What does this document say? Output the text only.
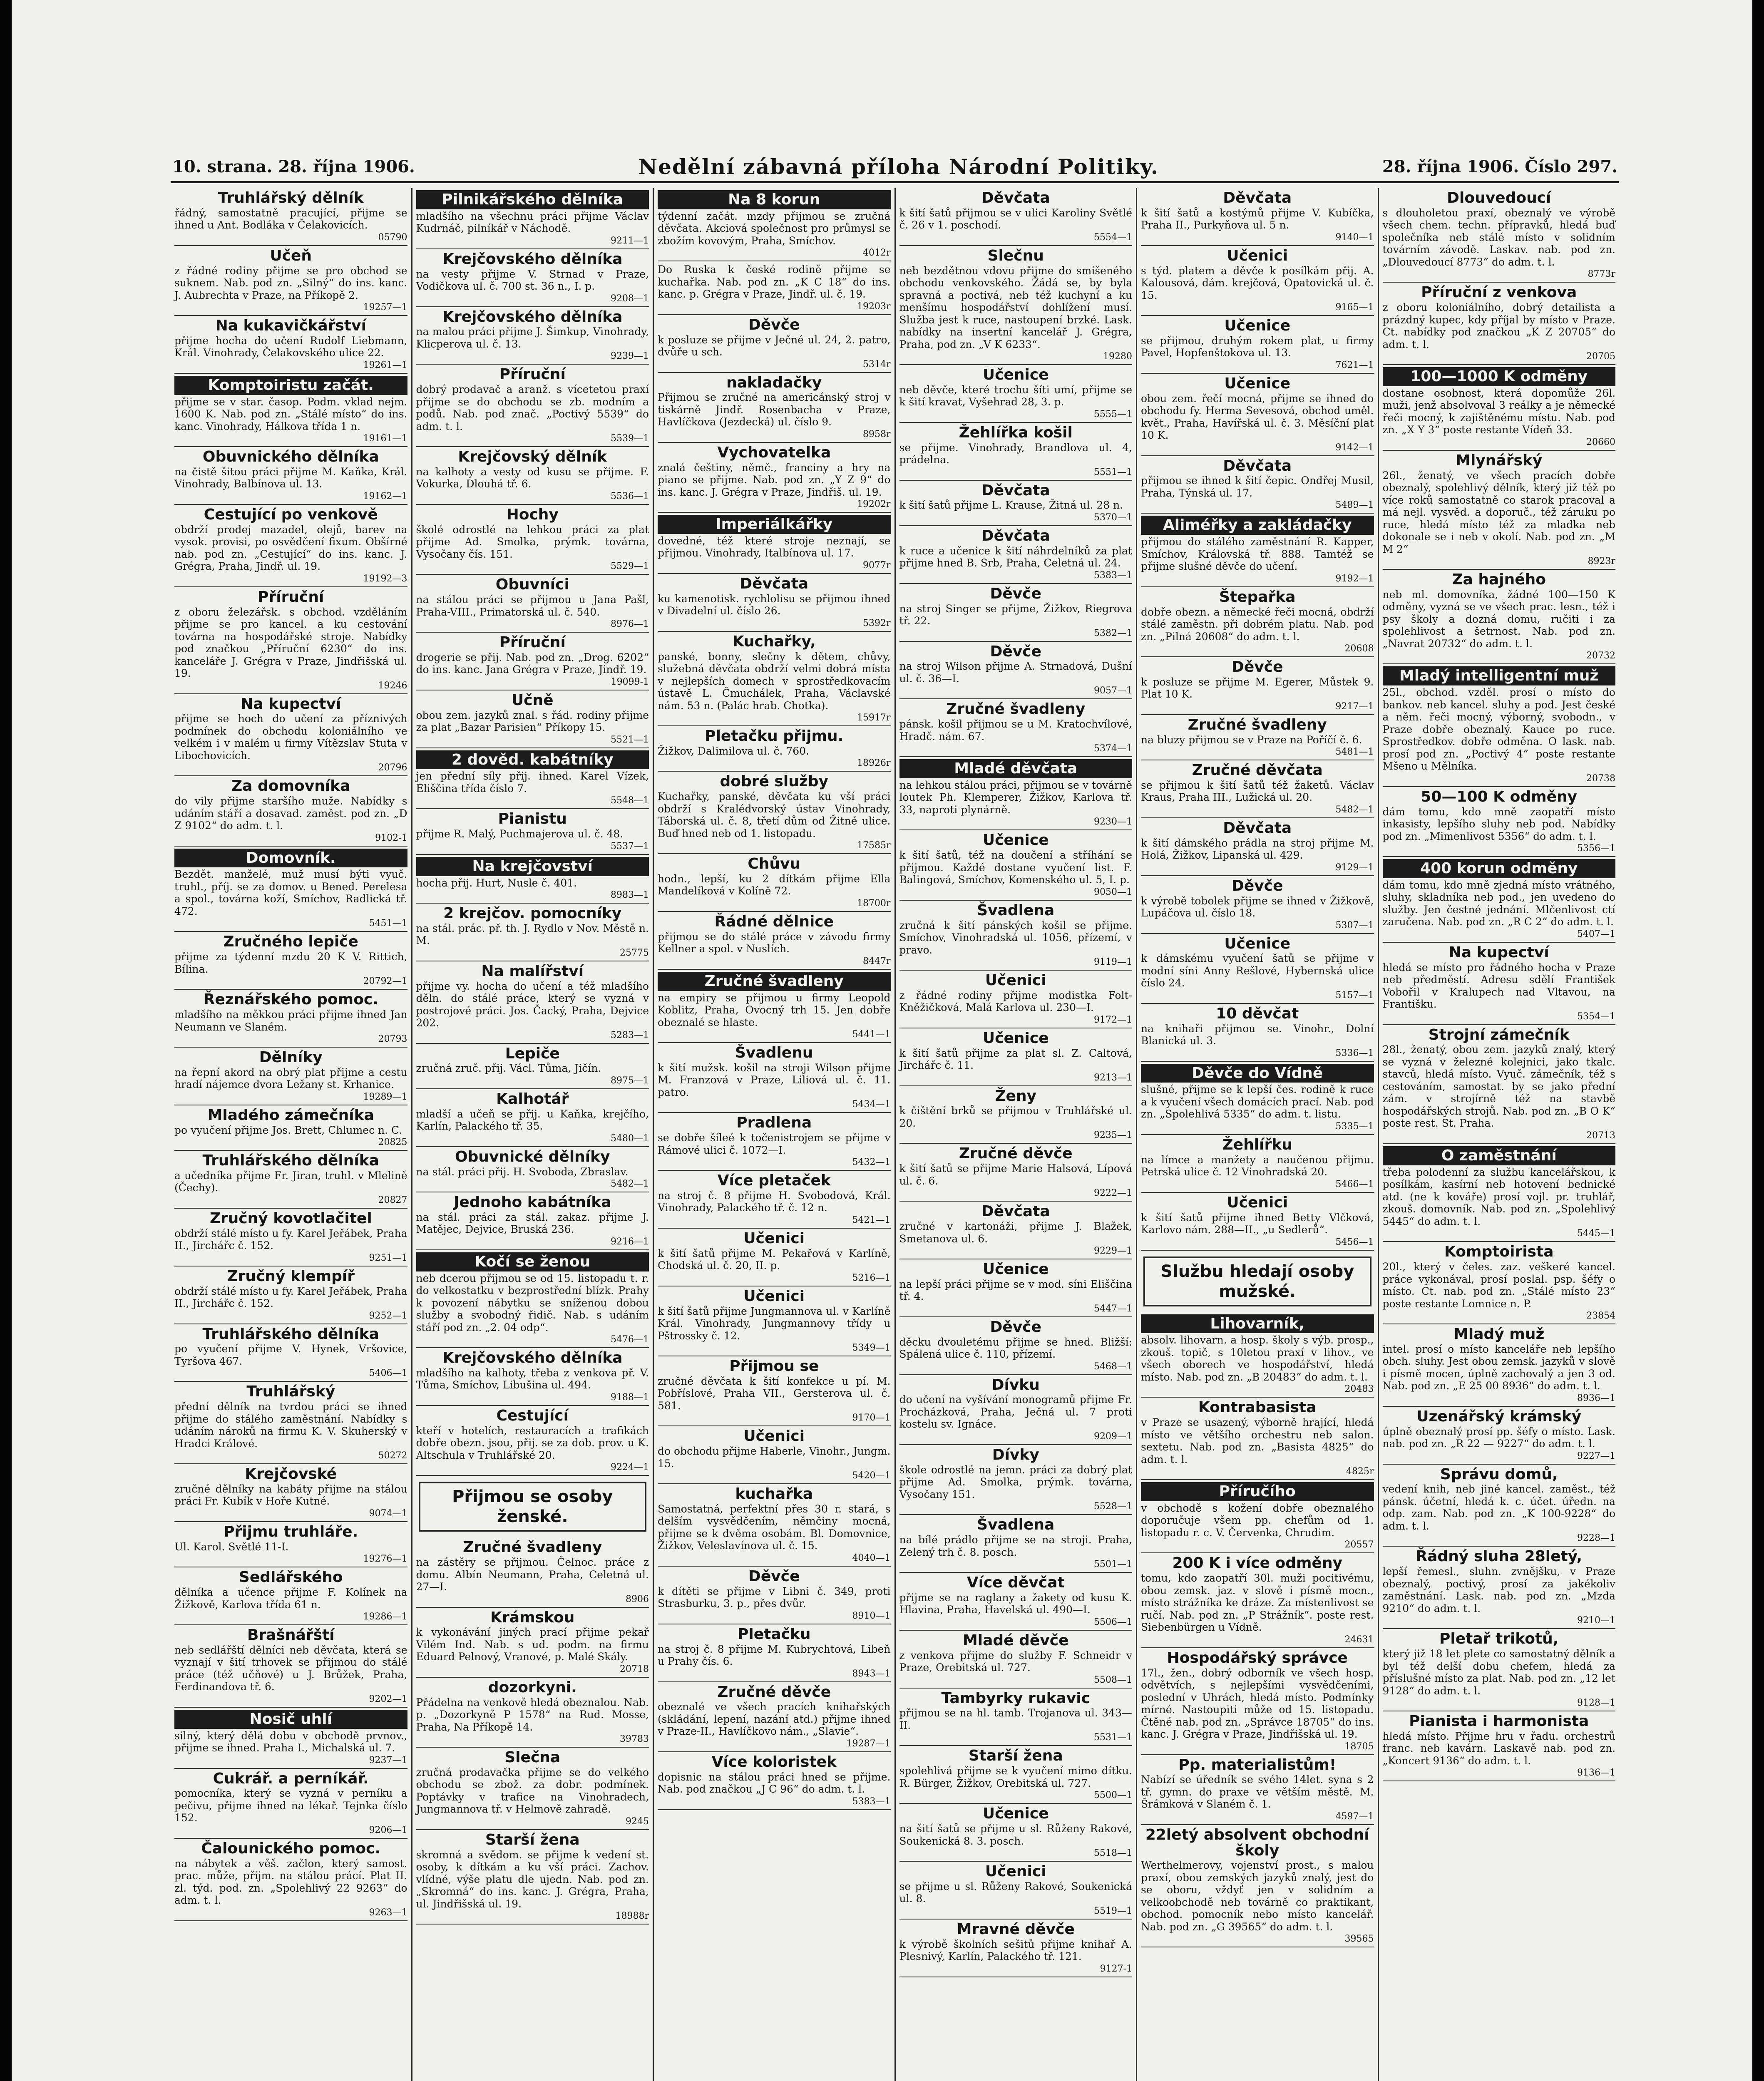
10. strana. 28. října 1906.	Nedělní zábavná příloha Národní Politiky.	28. října 1906. Číslo 297.
Truhlářský dělník
řádný, samostatně pracující, přijme se ihned u Ant. Bodláka v Čelakovicích.
05790
Učeň
z řádné rodiny přijme se pro obchod se suknem. Nab. pod zn. „Silný“ do ins. kanc. J. Aubrechta v Praze, na Příkopě 2.
19257—1
Na kukavičkářství
přijme hocha do učení Rudolf Liebmann, Král. Vinohrady, Čelakovského ulice 22.
19261—1
Komptoiristu začát.
přijme se v star. časop. Podm. vklad nejm. 1600 K. Nab. pod zn. „Stálé místo“ do ins. kanc. Vinohrady, Hálkova třída 1 n.
19161—1
Obuvnického dělníka
na čistě šitou práci přijme M. Kaňka, Král. Vinohrady, Balbínova ul. 13.
19162—1
Cestující po venkově
obdrží prodej mazadel, olejů, barev na vysok. provisi, po osvědčení fixum. Obšírné nab. pod zn. „Cestující“ do ins. kanc. J. Grégra, Praha, Jindř. ul. 19.
19192—3
Příruční
z oboru železářsk. s obchod. vzděláním přijme se pro kancel. a ku cestování továrna na hospodářské stroje. Nabídky pod značkou „Příruční 6230“ do ins. kanceláře J. Grégra v Praze, Jindřišská ul. 19.
19246
Na kupectví
přijme se hoch do učení za příznivých podmínek do obchodu koloniálního ve velkém i v malém u firmy Vítězslav Stuta v Libochovicích.
20796
Za domovníka
do vily přijme staršího muže. Nabídky s udáním stáří a dosavad. zaměst. pod zn. „D Z 9102“ do adm. t. l.
9102-1
Domovník.
Bezdět. manželé, muž musí býti vyuč. truhl., příj. se za domov. u Bened. Perelesa a spol., továrna koží, Smíchov, Radlická tř. 472.
5451—1
Zručného lepiče
přijme za týdenní mzdu 20 K V. Rittich, Bílina.
20792—1
Řeznářského pomoc.
mladšího na měkkou práci přijme ihned Jan Neumann ve Slaném.
20793
Dělníky
na řepní akord na obrý plat přijme a cestu hradí nájemce dvora Ležany st. Krhanice.
19289—1
Mladého zámečníka
po vyučení přijme Jos. Brett, Chlumec n. C.
20825
Truhlářského dělníka
a učedníka přijme Fr. Jiran, truhl. v Mlelině (Čechy).
20827
Zručný kovotlačitel
obdrží stálé místo u fy. Karel Jeřábek, Praha II., Jirchářc č. 152.
9251—1
Zručný klempíř
obdrží stálé místo u fy. Karel Jeřábek, Praha II., Jirchářc č. 152.
9252—1
Truhlářského dělníka
po vyučení přijme V. Hynek, Vršovice, Tyršova 467.
5406—1
Truhlářský
přední dělník na tvrdou práci se ihned přijme do stálého zaměstnání. Nabídky s udáním nároků na firmu K. V. Skuherský v Hradci Králové.
50272
Krejčovské
zručné dělníky na kabáty přijme na stálou práci Fr. Kubík v Hoře Kutné.
9074—1
Přijmu truhláře.
Ul. Karol. Světlé 11-I.
19276—1
Sedlářského
dělníka a učence přijme F. Kolínek na Žižkově, Karlova třída 61 n.
19286—1
Brašnářští
neb sedlářští dělníci neb děvčata, která se vyznají v šití trhovek se přijmou do stálé práce (též učňové) u J. Brůžek, Praha, Ferdinandova tř. 6.
9202—1
Nosič uhlí
silný, který dělá dobu v obchodě prvnov., přijme se ihned. Praha I., Michalská ul. 7.
9237—1
Cukrář. a perníkář.
pomocníka, který se vyzná v perníku a pečivu, přijme ihned na lékař. Tejnka číslo 152.
9206—1
Čalounického pomoc.
na nábytek a věš. začlon, který samost. prac. může, přijm. na stálou prácí. Plat II. zl. týd. pod. zn. „Spolehlivý 22 9263“ do adm. t. l.
9263—1
Pilnikářského dělníka
mladšího na všechnu práci přijme Václav Kudrnáč, pilníkář v Náchodě.
9211—1
Krejčovského dělníka
na vesty přijme V. Strnad v Praze, Vodičkova ul. č. 700 st. 36 n., I. p.
9208—1
Krejčovského dělníka
na malou práci přijme J. Šimkup, Vinohrady, Klicperova ul. č. 13.
9239—1
Příruční
dobrý prodavač a aranž. s vícetetou praxí přijme se do obchodu se zb. modním a podů. Nab. pod znač. „Poctivý 5539“ do adm. t. l.
5539—1
Krejčovský dělník
na kalhoty a vesty od kusu se přijme. F. Vokurka, Dlouhá tř. 6.
5536—1
Hochy
školé odrostlé na lehkou práci za plat přijme Ad. Smolka, prýmk. továrna, Vysočany čís. 151.
5529—1
Obuvníci
na stálou práci se přijmou u Jana Pašl, Praha-VIII., Primatorská ul. č. 540.
8976—1
Příruční
drogerie se přij. Nab. pod zn. „Drog. 6202“ do ins. kanc. Jana Grégra v Praze, Jindř. 19.
19099-1
Učně
obou zem. jazyků znal. s řád. rodiny přijme za plat „Bazar Parisien“ Příkopy 15.
5521—1
2 dověd. kabátníky
jen přední síly přij. ihned. Karel Vízek, Eliščina třída číslo 7.
5548—1
Pianistu
přijme R. Malý, Puchmajerova ul. č. 48.
5537—1
Na krejčovství
hocha přij. Hurt, Nusle č. 401.
8983—1
2 krejčov. pomocníky
na stál. prác. př. th. J. Rydlo v Nov. Městě n. M.
25775
Na malířství
přijme vy. hocha do učení a též mladšího děln. do stálé práce, který se vyzná v postrojové práci. Jos. Čacký, Praha, Dejvice 202.
5283—1
Lepiče
zručná zruč. přij. Václ. Tůma, Jičín.
8975—1
Kalhotář
mladší a učeň se přij. u Kaňka, krejčího, Karlín, Palackého tř. 35.
5480—1
Obuvnické dělníky
na stál. práci přij. H. Svoboda, Zbraslav.
5482—1
Jednoho kabátníka
na stál. práci za stál. zakaz. přijme J. Matějec, Dejvice, Bruská 236.
9216—1
Kočí se ženou
neb dcerou přijmou se od 15. listopadu t. r. do velkostatku v bezprostřední blízk. Prahy k povození nábytku se sníženou dobou služby a svobodný řidič. Nab. s udáním stáří pod zn. „2. 04 odp“.
5476—1
Krejčovského dělníka
mladšího na kalhoty, třeba z venkova př. V. Tůma, Smíchov, Libušina ul. 494.
9188—1
Cestující
kteří v hotelích, restauracích a trafikách dobře obezn. jsou, přij. se za dob. prov. u K. Altschula v Truhlářské 20.
9224—1
Přijmou se osoby ženské.
Zručné švadleny
na zástěry se přijmou. Čelnoc. práce z domu. Albín Neumann, Praha, Celetná ul. 27—I.
8906
Krámskou
k vykonávání jiných prací přijme pekař Vilém Ind. Nab. s ud. podm. na firmu Eduard Pelnový, Vranové, p. Malé Skály.
20718
dozorkyni.
Přádelna na venkově hledá obeznalou. Nab. p. „Dozorkyně P 1578“ na Rud. Mosse, Praha, Na Příkopě 14.
39783
Slečna
zručná prodavačka přijme se do velkého obchodu se zbož. za dobr. podmínek. Poptávky v trafice na Vinohradech, Jungmannova tř. v Helmově zahradě.
9245
Starší žena
skromná a svědom. se přijme k vedení st. osoby, k dítkám a ku vší práci. Zachov. vlídné, výše platu dle ujedn. Nab. pod zn. „Skromná“ do ins. kanc. J. Grégra, Praha, ul. Jindřišská ul. 19.
18988r
Na 8 korun
týdenní začát. mzdy přijmou se zručná děvčata. Akciová společnost pro průmysl se zbožím kovovým, Praha, Smíchov.
4012r
Do Ruska k české rodině přijme se kuchařka. Nab. pod zn. „K C 18“ do ins. kanc. p. Grégra v Praze, Jindř. ul. č. 19.
19203r
Děvče
k posluze se přijme v Ječné ul. 24, 2. patro, dvůře u sch.
5314r
nakladačky
Přijmou se zručné na americánský stroj v tiskárně Jindř. Rosenbacha v Praze, Havlíčkova (Jezdecká) ul. číslo 9.
8958r
Vychovatelka
znalá češtiny, němč., franciny a hry na piano se přijme. Nab. pod zn. „Y Z 9“ do ins. kanc. J. Grégra v Praze, Jindřiš. ul. 19.
19202r
Imperiálkářky
dovedné, též které stroje neznají, se přijmou. Vinohrady, Italbínova ul. 17.
9077r
Děvčata
ku kamenotisk. rychlolisu se přijmou ihned v Divadelní ul. číslo 26.
5392r
Kuchařky,
panské, bonny, slečny k dětem, chůvy, služebná děvčata obdrží velmi dobrá místa v nejlepších domech v sprostředkovacím ústavě L. Čmuchálek, Praha, Václavské nám. 53 n. (Palác hrab. Chotka).
15917r
Pletačku přijmu.
Žižkov, Dalimilova ul. č. 760.
18926r
dobré služby
Kuchařky, panské, děvčata ku vší práci obdrží s Kralédvorský ústav Vinohrady, Táborská ul. č. 8, třetí dům od Žitné ulice. Buď hned neb od 1. listopadu.
17585r
Chůvu
hodn., lepší, ku 2 dítkám přijme Ella Mandelíková v Kolíně 72.
18700r
Řádné dělnice
přijmou se do stálé práce v závodu firmy Kellner a spol. v Nuslích.
8447r
Zručné švadleny
na empiry se přijmou u firmy Leopold Koblitz, Praha, Ovocný trh 15. Jen dobře obeznalé se hlaste.
5441—1
Švadlenu
k šití mužsk. košil na stroji Wilson přijme M. Franzová v Praze, Liliová ul. č. 11. patro.
5434—1
Pradlena
se dobře šíleé k točenistrojem se přijme v Rámové ulici č. 1072—I.
5432—1
Více pletaček
na stroj č. 8 přijme H. Svobodová, Král. Vinohrady, Palackého tř. č. 12 n.
5421—1
Učenici
k šití šatů přijme M. Pekařová v Karlíně, Chodská ul. č. 20, II. p.
5216—1
Učenici
k šití šatů přijme Jungmannova ul. v Karlíně Král. Vinohrady, Jungmannovy třídy u Pštrossky č. 12.
5349—1
Přijmou se
zručné děvčata k šití konfekce u pí. M. Pobříslové, Praha VII., Gersterova ul. č. 581.
9170—1
Učenici
do obchodu přijme Haberle, Vinohr., Jungm. 15.
5420—1
kuchařka
Samostatná, perfektní přes 30 r. stará, s delším vysvědčením, němčiny mocná, přijme se k dvěma osobám. Bl. Domovnice, Žižkov, Veleslavínova ul. č. 15.
4040—1
Děvče
k dítěti se přijme v Libni č. 349, proti Strasburku, 3. p., přes dvůr.
8910—1
Pletačku
na stroj č. 8 přijme M. Kubrychtová, Libeň u Prahy čís. 6.
8943—1
Zručné děvče
obeznalé ve všech pracích knihařských (skládání, lepení, nazání atd.) přijme ihned v Praze-II., Havlíčkovo nám., „Slavie“.
19287—1
Více koloristek
dopisnic na stálou práci hned se přijme. Nab. pod značkou „J C 96“ do adm. t. l.
5383—1
Děvčata
k šití šatů přijmou se v ulici Karoliny Světlé č. 26 v 1. poschodí.
5554—1
Slečnu
neb bezdětnou vdovu přijme do smíšeného obchodu venkovského. Žádá se, by byla spravná a poctivá, neb též kuchyní a ku menšímu hospodářství dohlížení musí. Služba jest k ruce, nastoupení brzké. Lask. nabídky na insertní kancelář J. Grégra, Praha, pod zn. „V K 6233“.
19280
Učenice
neb děvče, které trochu šíti umí, přijme se k šití kravat, Vyšehrad 28, 3. p.
5555—1
Žehlířka košil
se přijme. Vinohrady, Brandlova ul. 4, prádelna.
5551—1
Děvčata
k šití šatů přijme L. Krause, Žitná ul. 28 n.
5370—1
Děvčata
k ruce a učenice k šití náhrdelníků za plat přijme hned B. Srb, Praha, Celetná ul. 24.
5383—1
Děvče
na stroj Singer se přijme, Žižkov, Riegrova tř. 22.
5382—1
Děvče
na stroj Wilson přijme A. Strnadová, Dušní ul. č. 36—I.
9057—1
Zručné švadleny
pánsk. košil přijmou se u M. Kratochvílové, Hradč. nám. 67.
5374—1
Mladé děvčata
na lehkou stálou práci, přijmou se v továrně loutek Ph. Klemperer, Žižkov, Karlova tř. 33, naproti plynárně.
9230—1
Učenice
k šití šatů, též na doučení a stříhání se přijmou. Každé dostane vyučení list. F. Balingová, Smíchov, Komenského ul. 5, I. p.
9050—1
Švadlena
zručná k šití pánských košil se přijme. Smíchov, Vinohradská ul. 1056, přízemí, v pravo.
9119—1
Učenici
z řádné rodiny přijme modistka Folt-Kněžičková, Malá Karlova ul. 230—I.
9172—1
Učenice
k šití šatů přijme za plat sl. Z. Caltová, Jirchářc č. 11.
9213—1
Ženy
k čištění brků se přijmou v Truhlářské ul. 20.
9235—1
Zručné děvče
k šití šatů se přijme Marie Halsová, Lípová ul. č. 6.
9222—1
Děvčata
zručné v kartonáži, přijme J. Blažek, Smetanova ul. 6.
9229—1
Učenice
na lepší práci přijme se v mod. síni Eliščina tř. 4.
5447—1
Děvče
děcku dvouletému přijme se hned. Bližší: Spálená ulice č. 110, přízemí.
5468—1
Dívku
do učení na vyšívání monogramů přijme Fr. Procházková, Praha, Ječná ul. 7 proti kostelu sv. Ignáce.
9209—1
Dívky
škole odrostlé na jemn. práci za dobrý plat přijme Ad. Smolka, prýmk. továrna, Vysočany 151.
5528—1
Švadlena
na bílé prádlo přijme se na stroji. Praha, Zelený trh č. 8. posch.
5501—1
Více děvčat
přijme se na raglany a žakety od kusu K. Hlavina, Praha, Havelská ul. 490—I.
5506—1
Mladé děvče
z venkova přijme do služby F. Schneidr v Praze, Orebitská ul. 727.
5508—1
Tambyrky rukavic
přijmou se na hl. tamb. Trojanova ul. 343—II.
5531—1
Starší žena
spolehlivá přijme se k vyučení mimo dítku. R. Bürger, Žižkov, Orebitská ul. 727.
5500—1
Učenice
na šití šatů se přijme u sl. Růženy Rakové, Soukenická 8. 3. posch.
5518—1
Učenici
se přijme u sl. Růženy Rakové, Soukenická ul. 8.
5519—1
Mravné děvče
k výrobě školních sešitů přijme knihař A. Plesnivý, Karlín, Palackého tř. 121.
9127-1
Děvčata
k šití šatů a kostýmů přijme V. Kubíčka, Praha II., Purkyňova ul. 5 n.
9140—1
Učenici
s týd. platem a děvče k posílkám přij. A. Kalousová, dám. krejčová, Opatovická ul. č. 15.
9165—1
Učenice
se přijmou, druhým rokem plat, u firmy Pavel, Hopfenštokova ul. 13.
7621—1
Učenice
obou zem. řečí mocná, přijme se ihned do obchodu fy. Herma Sevesová, obchod uměl. květ., Praha, Havířská ul. č. 3. Měsíční plat 10 K.
9142—1
Děvčata
přijmou se ihned k šití čepic. Ondřej Musil, Praha, Týnská ul. 17.
5489—1
Aliméřky a zakládačky
přijmou do stálého zaměstnání R. Kapper, Smíchov, Královská tř. 888. Tamtéž se přijme slušné děvče do učení.
9192—1
Štepařka
dobře obezn. a německé řeči mocná, obdrží stálé zaměstn. při dobrém platu. Nab. pod zn. „Pilná 20608“ do adm. t. l.
20608
Děvče
k posluze se přijme M. Egerer, Můstek 9. Plat 10 K.
9217—1
Zručné švadleny
na bluzy přijmou se v Praze na Poříčí č. 6.
5481—1
Zručné děvčata
se přijmou k šití šatů též žaketů. Václav Kraus, Praha III., Lužická ul. 20.
5482—1
Děvčata
k šití dámského prádla na stroj přijme M. Holá, Žižkov, Lipanská ul. 429.
9129—1
Děvče
k výrobě tobolek přijme se ihned v Žižkově, Lupáčova ul. číslo 18.
5307—1
Učenice
k dámskému vyučení šatů se přijme v modní síni Anny Rešlové, Hybernská ulice číslo 24.
5157—1
10 děvčat
na knihaři přijmou se. Vinohr., Dolní Blanická ul. 3.
5336—1
Děvče do Vídně
slušné, přijme se k lepší čes. rodině k ruce a k vyučení všech domácích prací. Nab. pod zn. „Spolehlivá 5335“ do adm. t. listu.
5335—1
Žehlířku
na límce a manžety a naučenou přijmu. Petrská ulice č. 12 Vinohradská 20.
5466—1
Učenici
k šití šatů přijme ihned Betty Vlčková, Karlovo nám. 288—II., „u Sedlerů“.
5456—1
Službu hledají osoby mužské.
Lihovarník,
absolv. lihovarn. a hosp. školy s výb. prosp., zkouš. topič, s 10letou praxí v lihov., ve všech oborech ve hospodářství, hledá místo. Nab. pod zn. „B 20483“ do adm. t. l.
20483
Kontrabasista
v Praze se usazený, výborně hrající, hledá místo ve většího orchestru neb salon. sextetu. Nab. pod zn. „Basista 4825“ do adm. t. l.
4825r
Příručího
v obchodě s kožení dobře obeznalého doporučuje všem pp. chefům od 1. listopadu r. c. V. Červenka, Chrudim.
20557
200 K i více odměny
tomu, kdo zaopatří 30l. muži pocitivému, obou zemsk. jaz. v slově i písmě mocn., místo strážníka ke dráze. Za místenlivost se ručí. Nab. pod zn. „P Strážník“. poste rest. Siebenbürgen u Vídně.
24631
Hospodářský správce
17l., žen., dobrý odborník ve všech hosp. odvětvích, s nejlepšími vysvědčeními, poslední v Uhrách, hledá místo. Podmínky mírné. Nastoupiti může od 15. listopadu. Čtěné nab. pod zn. „Správce 18705“ do ins. kanc. J. Grégra v Praze, Jindřišská ul. 19.
18705
Pp. materialistům!
Nabízí se úředník se svého 14let. syna s 2 tř. gymn. do praxe ve větším městě. M. Šrámková v Slaném č. 1.
4597—1
22letý absolvent obchodní školy
Werthelmerovy, vojenství prost., s malou praxí, obou zemských jazyků znalý, jest do se oboru, vždyť jen v solidním a velkoobchodě neb továrně co praktikant, obchod. pomocník nebo místo kancelář. Nab. pod zn. „G 39565“ do adm. t. l.
39565
Dlouvedoucí
s dlouholetou praxí, obeznalý ve výrobě všech chem. techn. přípravků, hledá buď společníka neb stálé místo v solidním továrním závodě. Laskav. nab. pod zn. „Dlouvedoucí 8773“ do adm. t. l.
8773r
Příruční z venkova
z oboru koloniálního, dobrý detailista a prázdný kupec, kdy příjal by místo v Praze. Ct. nabídky pod značkou „K Z 20705“ do adm. t. l.
20705
100—1000 K odměny
dostane osobnost, která dopomůže 26l. muži, jenž absolvoval 3 reálky a je německé řeči mocný, k zajištěnému místu. Nab. pod zn. „X Y 3“ poste restante Vídeň 33.
20660
Mlynářský
26l., ženatý, ve všech pracích dobře obeznalý, spolehlivý dělník, který již též po více roků samostatně co starok pracoval a má nejl. vysvěd. a doporuč., též záruku po ruce, hledá místo též za mladka neb dokonale se i neb v okolí. Nab. pod zn. „M M 2“
8923r
Za hajného
neb ml. domovníka, žádné 100—150 K odměny, vyzná se ve všech prac. lesn., též i psy školy a dozná domu, ručiti i za spolehlivost a šetrnost. Nab. pod zn. „Navrat 20732“ do adm. t. l.
20732
Mladý intelligentní muž
25l., obchod. vzděl. prosí o místo do bankov. neb kancel. sluhy a pod. Jest české a něm. řeči mocný, výborný, svobodn., v Praze dobře obeznalý. Kauce po ruce. Sprostředkov. dobře odměna. O lask. nab. prosí pod zn. „Poctivý 4“ poste restante Mšeno u Mělníka.
20738
50—100 K odměny
dám tomu, kdo mně zaopatří místo inkasisty, lepšího sluhy neb pod. Nabídky pod zn. „Mimenlivost 5356“ do adm. t. l.
5356—1
400 korun odměny
dám tomu, kdo mně zjedná místo vrátného, sluhy, skladníka neb pod., jen uvedeno do služby. Jen čestné jednání. Mlčenlivost ctí zaručena. Nab. pod zn. „R C 2“ do adm. t. l.
5407—1
Na kupectví
hledá se místo pro řádného hocha v Praze neb předměstí. Adresu sdělí František Vobořil v Kralupech nad Vltavou, na Františku.
5354—1
Strojní zámečník
28l., ženatý, obou zem. jazyků znalý, který se vyzná v železné kolejnici, jako tkalc. stavců, hledá místo. Vyuč. zámečník, též s cestováním, samostat. by se jako přední zám. v strojírně též na stavbě hospodářských strojů. Nab. pod zn. „B O K“ poste rest. St. Praha.
20713
O zaměstnání
třeba polodenní za službu kancelářskou, k posílkám, kasírní neb hotovení bednické atd. (ne k kováře) prosí vojl. pr. truhlář, zkouš. domovník. Nab. pod zn. „Spolehlivý 5445“ do adm. t. l.
5445—1
Komptoirista
20l., který v čeles. zaz. veškeré kancel. práce vykonával, prosí poslal. psp. šéfy o místo. Ct. nab. pod zn. „Stálé místo 23“ poste restante Lomnice n. P.
23854
Mladý muž
intel. prosí o místo kanceláře neb lepšího obch. sluhy. Jest obou zemsk. jazyků v slově i písmě mocen, úplně zachovalý a jen 3 od. Nab. pod zn. „E 25 00 8936“ do adm. t. l.
8936—1
Uzenářský krámský
úplně obeznalý prosí pp. šéfy o místo. Lask. nab. pod zn. „R 22 — 9227“ do adm. t. l.
9227—1
Správu domů,
vedení knih, neb jiné kancel. zaměst., též pánsk. účetní, hledá k. c. účet. úředn. na odp. zam. Nab. pod zn. „K 100-9228“ do adm. t. l.
9228—1
Řádný sluha 28letý,
lepší řemesl., sluhn. zvnějšku, v Praze obeznalý, poctivý, prosí za jakékoliv zaměstnání. Lask. nab. pod zn. „Mzda 9210“ do adm. t. l.
9210—1
Pletař trikotů,
který již 18 let plete co samostatný dělník a byl též delší dobu chefem, hledá za příslušné místo za plat. Nab. pod zn. „12 let 9128“ do adm. t. l.
9128—1
Pianista i harmonista
hledá místo. Přijme hru v řadu. orchestrů franc. neb kavárn. Laskavě nab. pod zn. „Koncert 9136“ do adm. t. l.
9136—1
